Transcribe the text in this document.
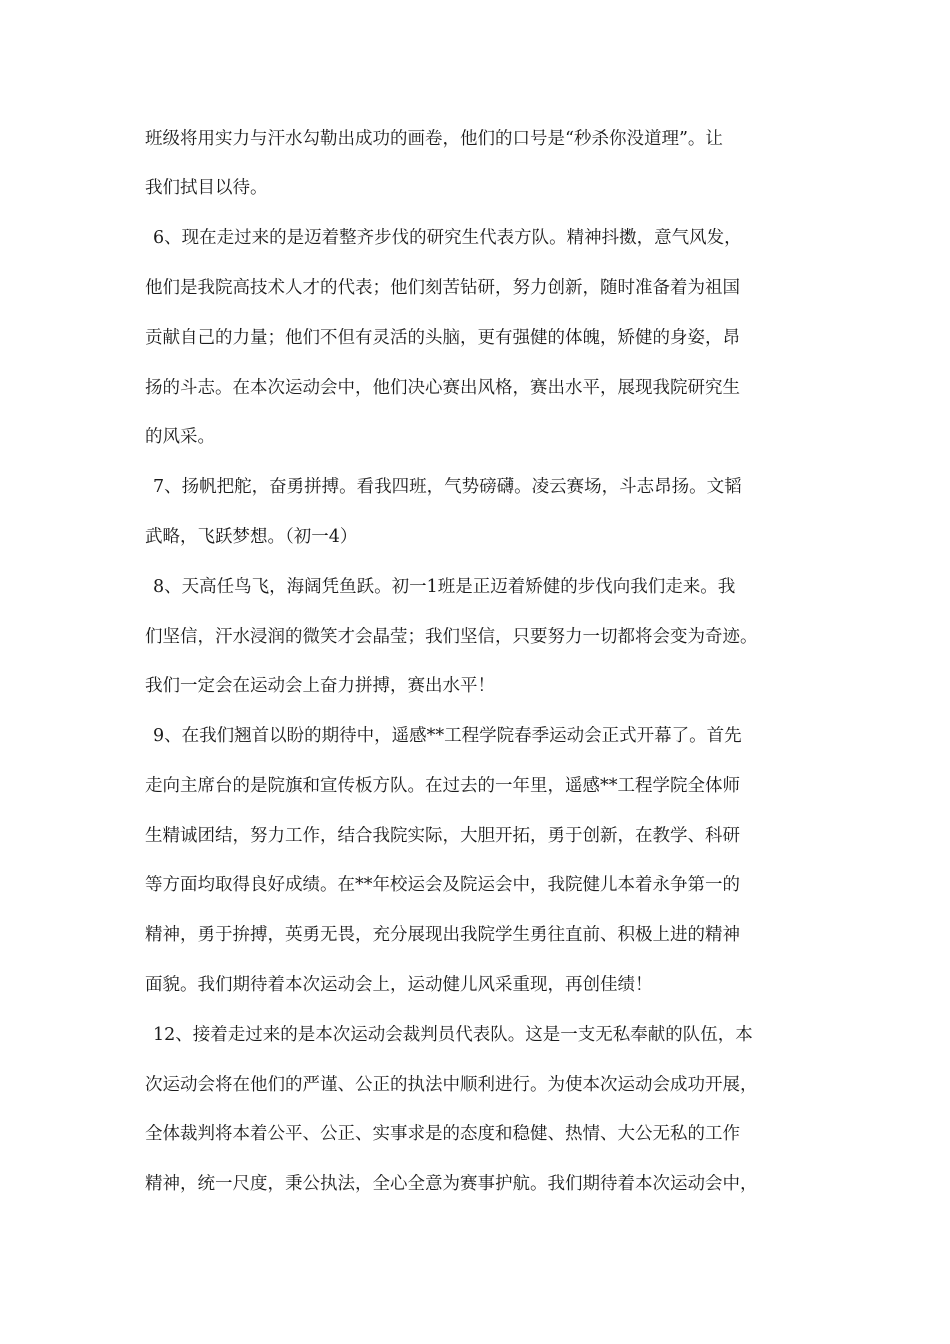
班级将用实力与汗水勾勒出成功的画卷，他们的口号是“秒杀你没道理”。让
我们拭目以待。
6、现在走过来的是迈着整齐步伐的研究生代表方队。精神抖擞，意气风发，
他们是我院高技术人才的代表；他们刻苦钻研，努力创新，随时准备着为祖国
贡献自己的力量；他们不但有灵活的头脑，更有强健的体魄，矫健的身姿，昂
扬的斗志。在本次运动会中，他们决心赛出风格，赛出水平，展现我院研究生
的风采。
7、扬帆把舵，奋勇拼搏。看我四班，气势磅礴。凌云赛场，斗志昂扬。文韬
武略，飞跃梦想。（初一4）
8、天高任鸟飞，海阔凭鱼跃。初一1班是正迈着矫健的步伐向我们走来。我
们坚信，汗水浸润的微笑才会晶莹；我们坚信，只要努力一切都将会变为奇迹。
我们一定会在运动会上奋力拼搏，赛出水平！
9、在我们翘首以盼的期待中，遥感**工程学院春季运动会正式开幕了。首先
走向主席台的是院旗和宣传板方队。在过去的一年里，遥感**工程学院全体师
生精诚团结，努力工作，结合我院实际，大胆开拓，勇于创新，在教学、科研
等方面均取得良好成绩。在**年校运会及院运会中，我院健儿本着永争第一的
精神，勇于拚搏，英勇无畏，充分展现出我院学生勇往直前、积极上进的精神
面貌。我们期待着本次运动会上，运动健儿风采重现，再创佳绩！
12、接着走过来的是本次运动会裁判员代表队。这是一支无私奉献的队伍，本
次运动会将在他们的严谨、公正的执法中顺利进行。为使本次运动会成功开展，
全体裁判将本着公平、公正、实事求是的态度和稳健、热情、大公无私的工作
精神，统一尺度，秉公执法，全心全意为赛事护航。我们期待着本次运动会中，
